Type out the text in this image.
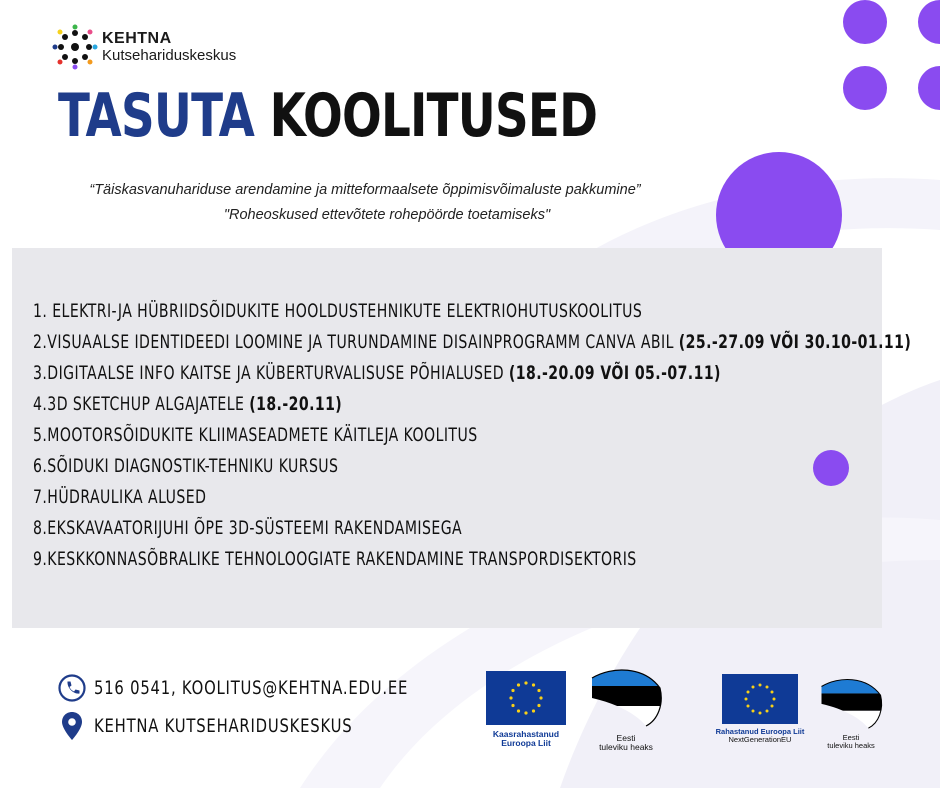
KEHTNA
Kutsehariduskeskus
TASUTA KOOLITUSED
“Täiskasvanuhariduse arendamine ja mitteformaalsete õppimisvõimaluste pakkumine”
"Roheoskused ettevõtete rohepöörde toetamiseks"
1. ELEKTRI-JA HÜBRIIDSÕIDUKITE HOOLDUSTEHNIKUTE ELEKTRIOHUTUSKOOLITUS
2.VISUAALSE IDENTIDEEDI LOOMINE JA TURUNDAMINE DISAINPROGRAMM CANVA ABIL (25.-27.09 VÕI 30.10-01.11)
3.DIGITAALSE INFO KAITSE JA KÜBERTURVALISUSE PÕHIALUSED (18.-20.09 VÕI 05.-07.11)
4.3D SKETCHUP ALGAJATELE (18.-20.11)
5.MOOTORSÕIDUKITE KLIIMASEADMETE KÄITLEJA KOOLITUS
6.SÕIDUKI DIAGNOSTIK-TEHNIKU KURSUS
7.HÜDRAULIKA ALUSED
8.EKSKAVAATORIJUHI ÕPE 3D-SÜSTEEMI RAKENDAMISEGA
9.KESKKONNASÕBRALIKE TEHNOLOOGIATE RAKENDAMINE TRANSPORDISEKTORIS
516 0541, KOOLITUS@KEHTNA.EDU.EE
KEHTNA KUTSEHARIDUSKESKUS	Kaasrahastanud
Euroopa Liit
Eesti
tuleviku heaks
Rahastanud Euroopa Liit
NextGenerationEU	Eesti
tuleviku heaks
